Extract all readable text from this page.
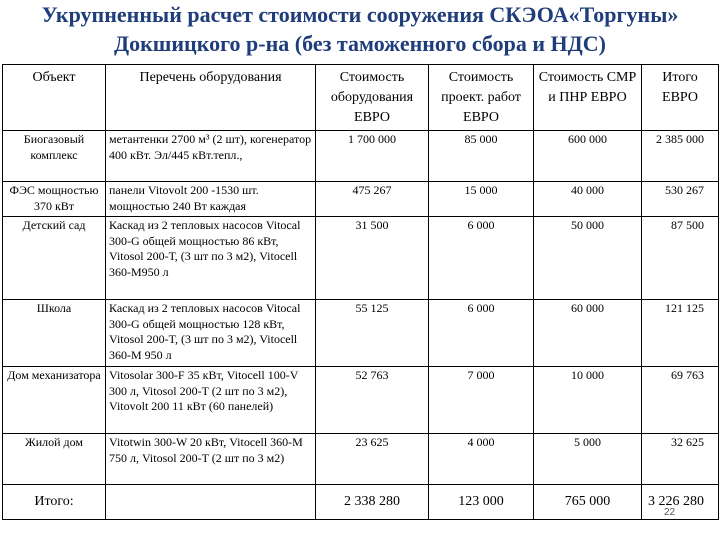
Укрупненный расчет стоимости сооружения СКЭОА«Торгуны»
Докшицкого р-на (без таможенного сбора и НДС)
Объект	Перечень оборудования	Стоимость оборудования ЕВРО	Стоимость проект. работ ЕВРО	Стоимость СМР и ПНР ЕВРО	Итого ЕВРО
Биогазовый комплекс	метантенки 2700 м³ (2 шт), когенератор 400 кВт. Эл/445 кВт.тепл.,	1 700 000	85 000	600 000	2 385 000
ФЭС мощностью 370 кВт	панели Vitovolt 200 -1530 шт. мощностью 240 Вт каждая	475 267	15 000	40 000	530 267
Детский сад	Каскад из 2 тепловых насосов Vitocal 300-G общей мощностью 86 кВт, Vitosol 200-Т, (3 шт по 3 м2), Vitocell 360-M950 л	31 500	6 000	50 000	87 500
Школа	Каскад из 2 тепловых насосов Vitocal 300-G общей мощностью 128 кВт, Vitosol 200-T, (3 шт по 3 м2), Vitocell 360-M 950 л	55 125	6 000	60 000	121 125
Дом механизатора	Vitosolar 300-F 35 кВт, Vitocell 100-V 300 л, Vitosol 200-T (2 шт по 3 м2), Vitovolt 200 11 кВт (60 панелей)	52 763	7 000	10 000	69 763
Жилой дом	Vitotwin 300-W 20 кВт, Vitocell 360-M 750 л, Vitosol 200-T (2 шт по 3 м2)	23 625	4 000	5 000	32 625
Итого:		2 338 280	123 000	765 000	3 226 280
22
